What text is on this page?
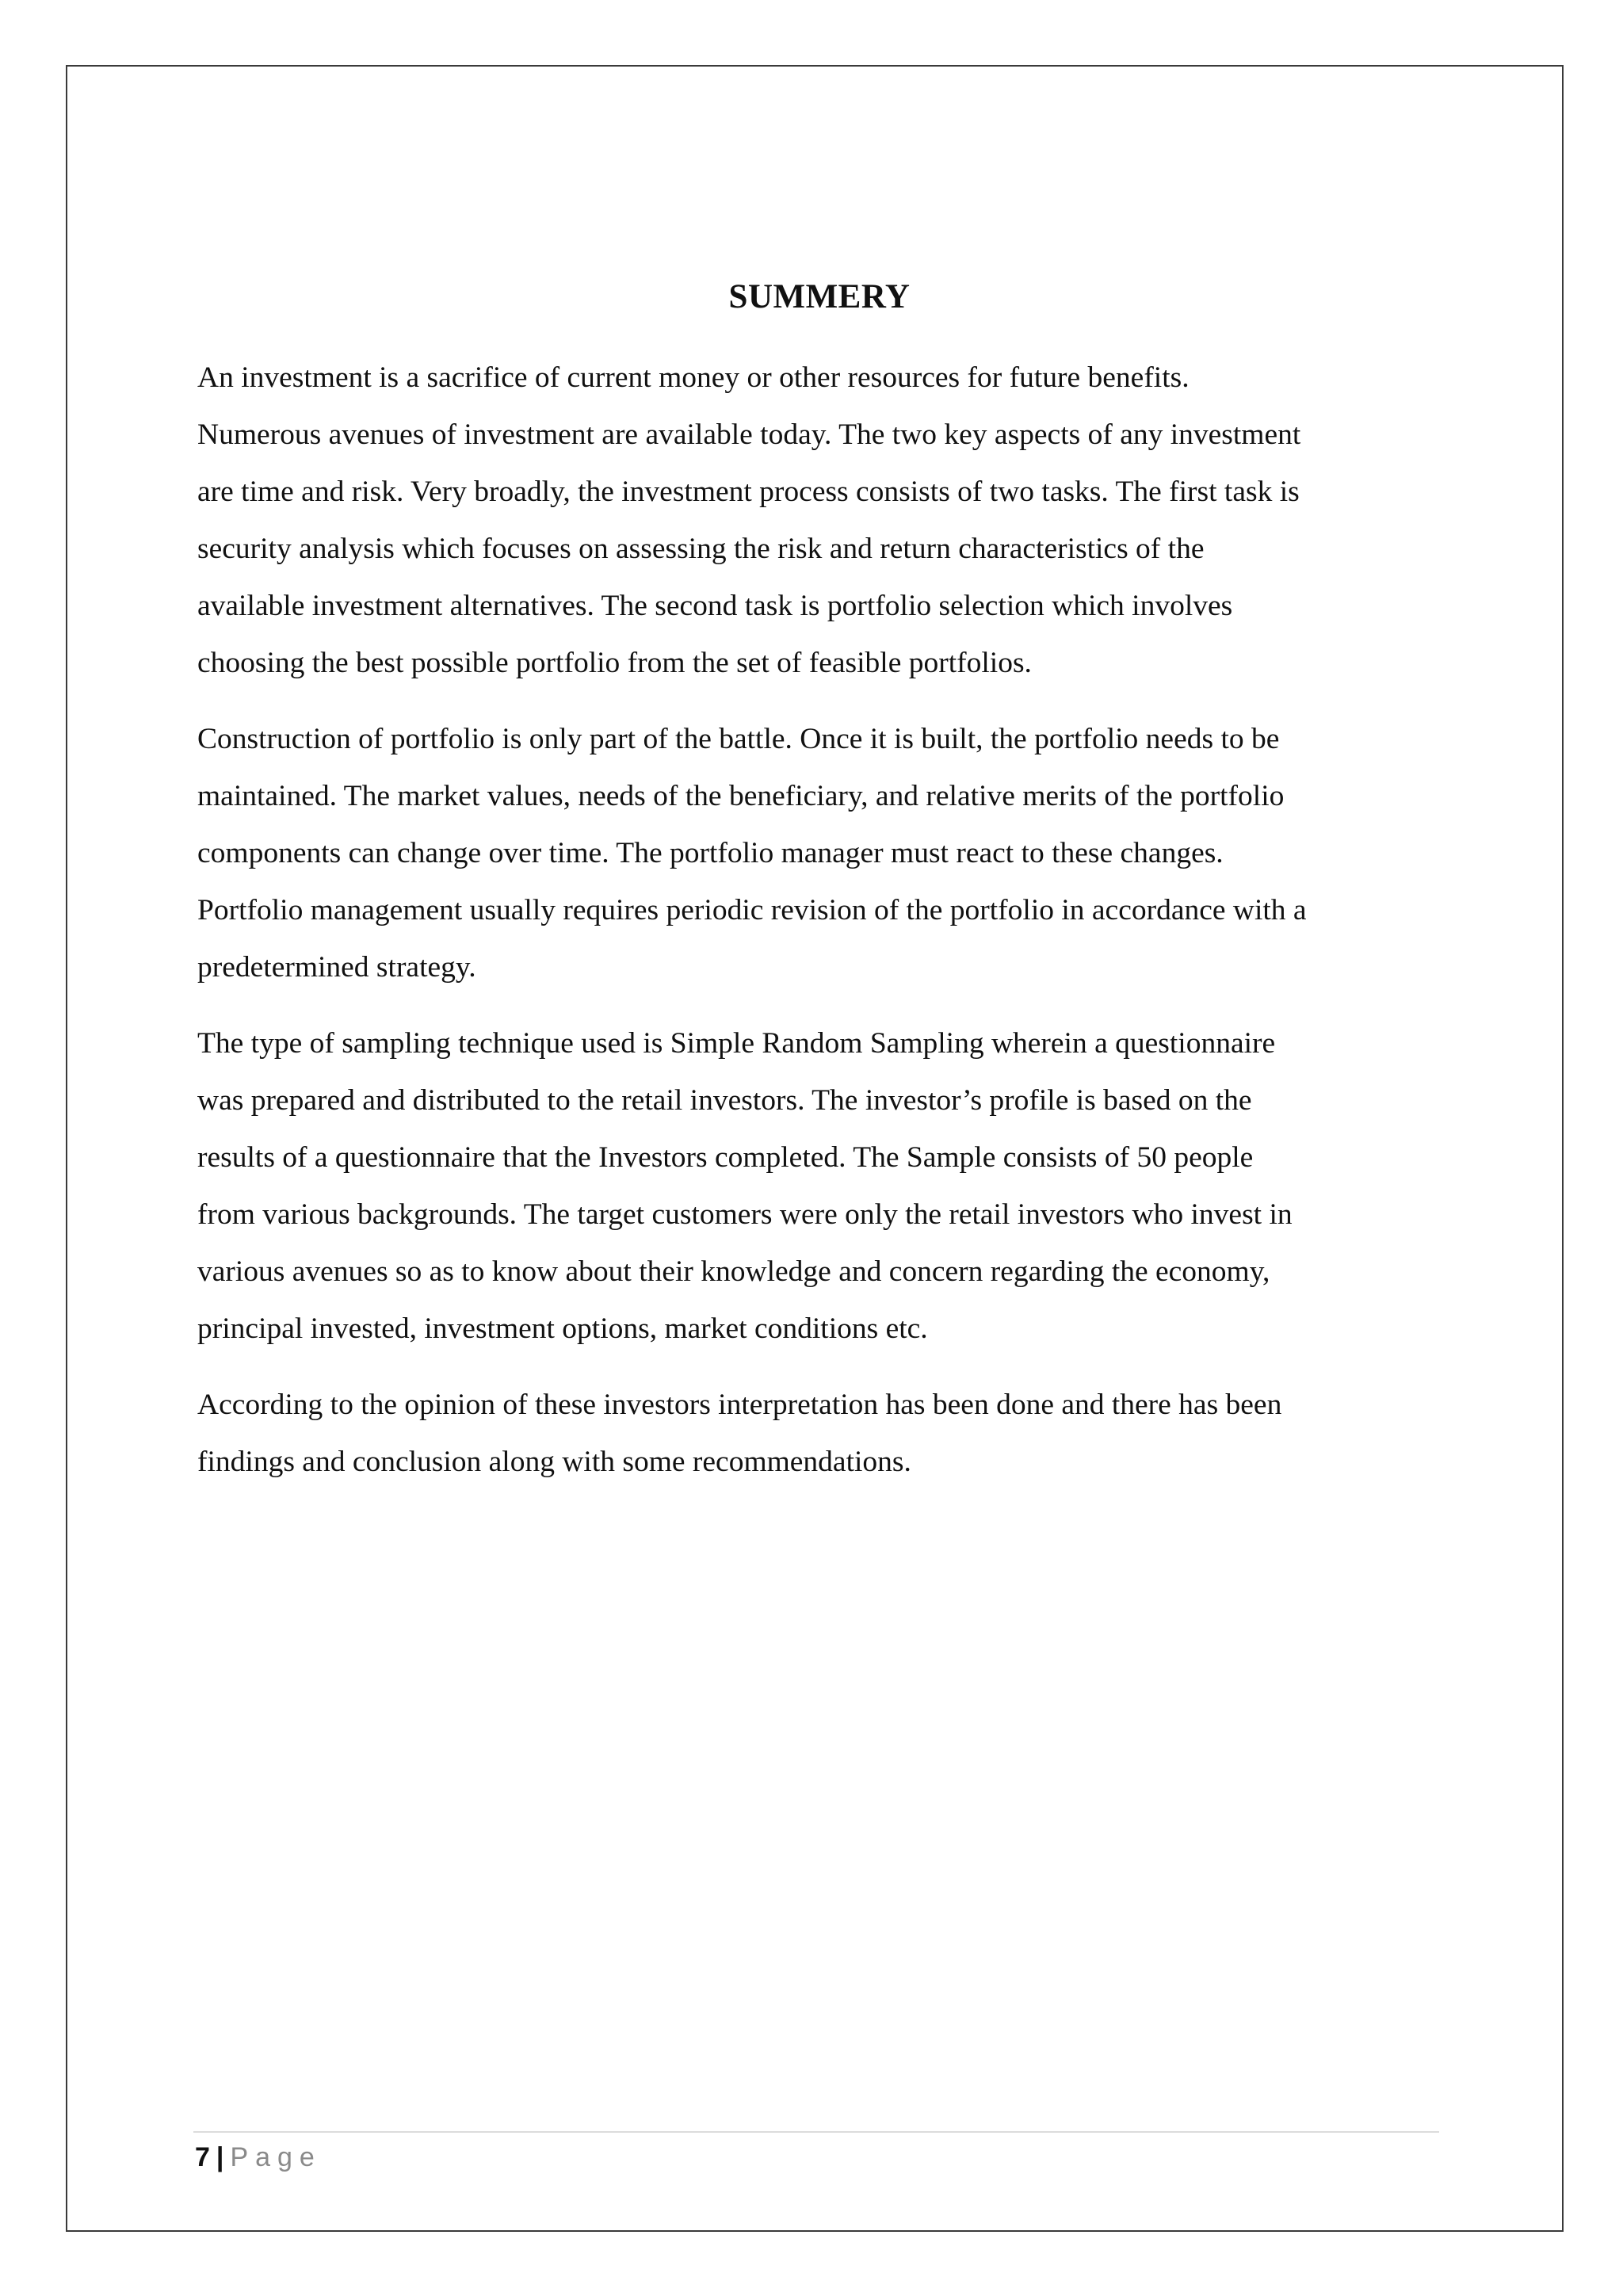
SUMMERY

An investment is a sacrifice of current money or other resources for future benefits.
Numerous avenues of investment are available today. The two key aspects of any investment
are time and risk. Very broadly, the investment process consists of two tasks. The first task is
security analysis which focuses on assessing the risk and return characteristics of the
available investment alternatives. The second task is portfolio selection which involves
choosing the best possible portfolio from the set of feasible portfolios.

Construction of portfolio is only part of the battle. Once it is built, the portfolio needs to be
maintained. The market values, needs of the beneficiary, and relative merits of the portfolio
components can change over time. The portfolio manager must react to these changes.
Portfolio management usually requires periodic revision of the portfolio in accordance with a
predetermined strategy.

The type of sampling technique used is Simple Random Sampling wherein a questionnaire
was prepared and distributed to the retail investors. The investor’s profile is based on the
results of a questionnaire that the Investors completed. The Sample consists of 50 people
from various backgrounds. The target customers were only the retail investors who invest in
various avenues so as to know about their knowledge and concern regarding the economy,
principal invested, investment options, market conditions etc.

According to the opinion of these investors interpretation has been done and there has been
findings and conclusion along with some recommendations.

7 | Page
